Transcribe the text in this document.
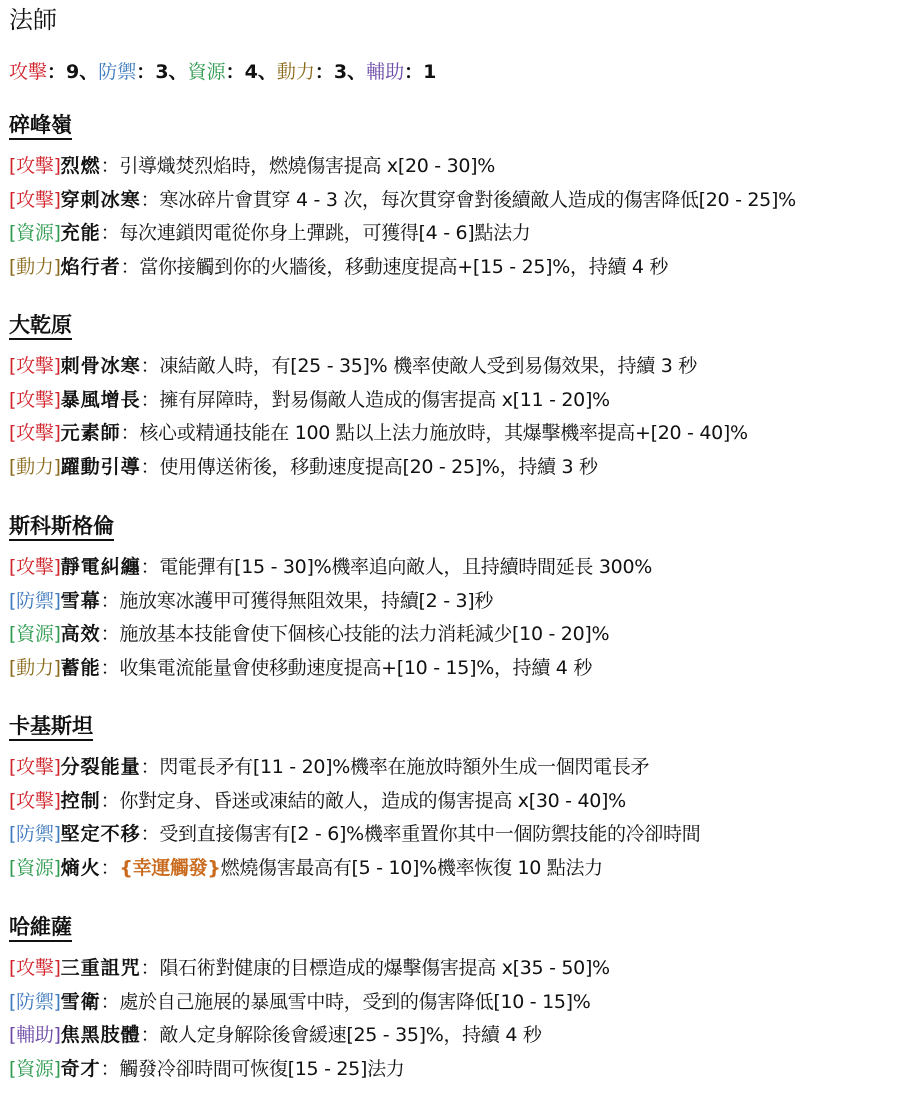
法師
攻擊：9、防禦：3、資源：4、動力：3、輔助：1
碎峰嶺
[攻擊]烈燃：引導熾焚烈焰時，燃燒傷害提高 x[20 - 30]%
[攻擊]穿刺冰寒：寒冰碎片會貫穿 4 - 3 次，每次貫穿會對後續敵人造成的傷害降低[20 - 25]%
[資源]充能：每次連鎖閃電從你身上彈跳，可獲得[4 - 6]點法力
[動力]焰行者：當你接觸到你的火牆後，移動速度提高+[15 - 25]%，持續 4 秒
大乾原
[攻擊]刺骨冰寒：凍結敵人時，有[25 - 35]% 機率使敵人受到易傷效果，持續 3 秒
[攻擊]暴風增長：擁有屏障時，對易傷敵人造成的傷害提高 x[11 - 20]%
[攻擊]元素師：核心或精通技能在 100 點以上法力施放時，其爆擊機率提高+[20 - 40]%
[動力]躍動引導：使用傳送術後，移動速度提高[20 - 25]%，持續 3 秒
斯科斯格倫
[攻擊]靜電糾纏：電能彈有[15 - 30]%機率追向敵人，且持續時間延長 300%
[防禦]雪幕：施放寒冰護甲可獲得無阻效果，持續[2 - 3]秒
[資源]高效：施放基本技能會使下個核心技能的法力消耗減少[10 - 20]%
[動力]蓄能：收集電流能量會使移動速度提高+[10 - 15]%，持續 4 秒
卡基斯坦
[攻擊]分裂能量：閃電長矛有[11 - 20]%機率在施放時額外生成一個閃電長矛
[攻擊]控制：你對定身、昏迷或凍結的敵人，造成的傷害提高 x[30 - 40]%
[防禦]堅定不移：受到直接傷害有[2 - 6]%機率重置你其中一個防禦技能的冷卻時間
[資源]熵火：{幸運觸發}燃燒傷害最高有[5 - 10]%機率恢復 10 點法力
哈維薩
[攻擊]三重詛咒：隕石術對健康的目標造成的爆擊傷害提高 x[35 - 50]%
[防禦]雪衛：處於自己施展的暴風雪中時，受到的傷害降低[10 - 15]%
[輔助]焦黑肢體：敵人定身解除後會緩速[25 - 35]%，持續 4 秒
[資源]奇才：觸發冷卻時間可恢復[15 - 25]法力
